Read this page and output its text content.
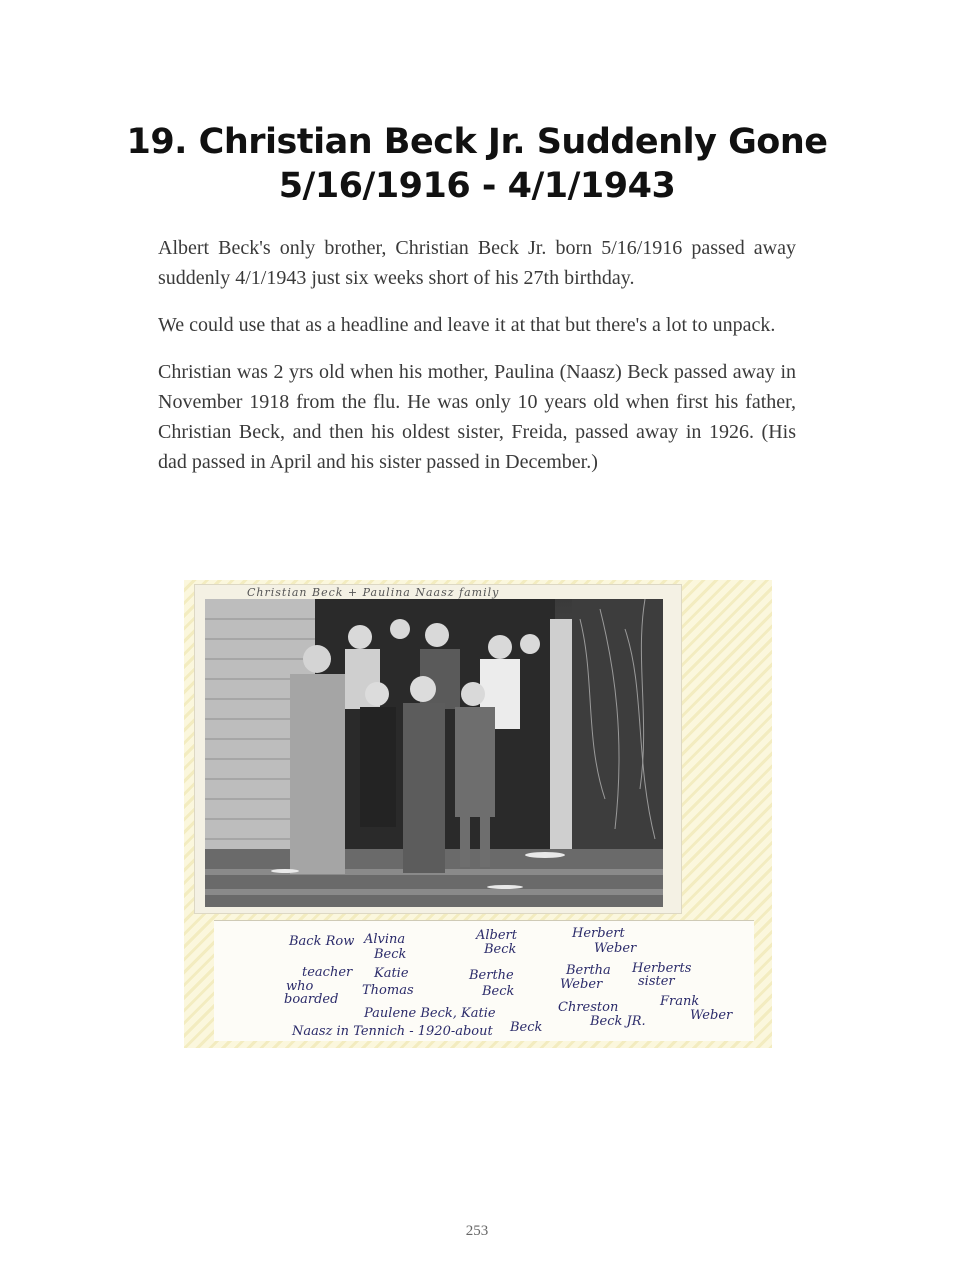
19. Christian Beck Jr. Suddenly Gone
5/16/1916 - 4/1/1943

Albert Beck's only brother, Christian Beck Jr. born 5/16/1916 passed away suddenly 4/1/1943 just six weeks short of his 27th birthday.

We could use that as a headline and leave it at that but there's a lot to unpack.

Christian was 2 yrs old when his mother, Paulina (Naasz) Beck passed away in November 1918 from the flu. He was only 10 years old when first his father, Christian Beck, and then his oldest sister, Freida, passed away in 1926. (His dad passed in April and his sister passed in December.)

Christian Beck + Paulina Naasz family
Back Row Alvina
Beck
Albert
Beck
Herbert
Weber
teacher
who
boarded
Katie
Thomas
Berthe
Beck
Bertha
Weber
Herberts
sister
Paulene Beck, Katie
Beck
Chreston
Beck JR.
Frank
Weber
Naasz in Tennich - 1920-about
253
